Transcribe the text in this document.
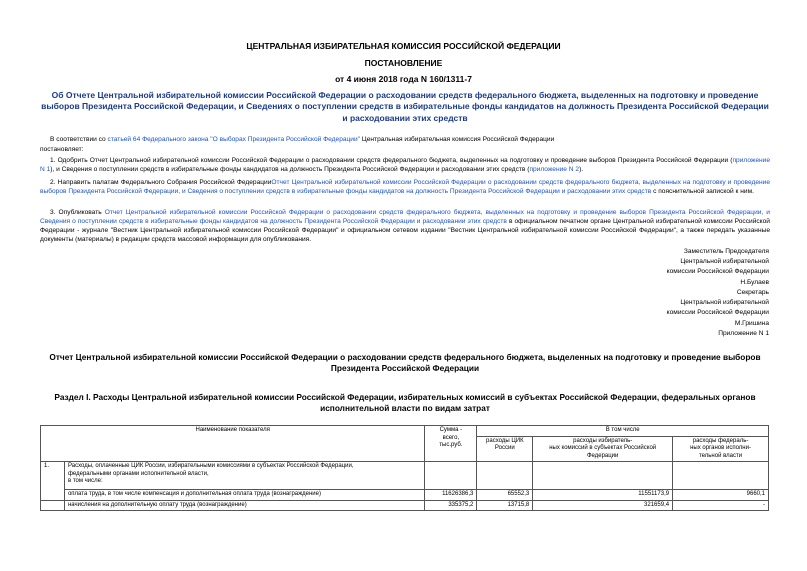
ЦЕНТРАЛЬНАЯ ИЗБИРАТЕЛЬНАЯ КОМИССИЯ РОССИЙСКОЙ ФЕДЕРАЦИИ
ПОСТАНОВЛЕНИЕ
от 4 июня 2018 года N 160/1311-7
Об Отчете Центральной избирательной комиссии Российской Федерации о расходовании средств федерального бюджета, выделенных на подготовку и проведение выборов Президента Российской Федерации, и Сведениях о поступлении средств в избирательные фонды кандидатов на должность Президента Российской Федерации и расходовании этих средств
В соответствии со статьей 64 Федерального закона "О выборах Президента Российской Федерации" Центральная избирательная комиссия Российской Федерации
постановляет:
1. Одобрить Отчет Центральной избирательной комиссии Российской Федерации о расходовании средств федерального бюджета, выделенных на подготовку и проведение выборов Президента Российской Федерации (приложение N 1), и Сведения о поступлении средств в избирательные фонды кандидатов на должность Президента Российской Федерации и расходовании этих средств (приложение N 2).
2. Направить палатам Федерального Собрания Российской ФедерацииОтчет Центральной избирательной комиссии Российской Федерации о расходовании средств федерального бюджета, выделенных на подготовку и проведение выборов Президента Российской Федерации, и Сведения о поступлении средств в избирательные фонды кандидатов на должность Президента Российской Федерации и расходовании этих средств с пояснительной запиской к ним.
3. Опубликовать Отчет Центральной избирательной комиссии Российской Федерации о расходовании средств федерального бюджета, выделенных на подготовку и проведение выборов Президента Российской Федерации, и Сведения о поступлении средств в избирательные фонды кандидатов на должность Президента Российской Федерации и расходовании этих средств в официальном печатном органе Центральной избирательной комиссии Российской Федерации - журнале "Вестник Центральной избирательной комиссии Российской Федерации" и официальном сетевом издании "Вестник Центральной избирательной комиссии Российской Федерации", а также передать указанные документы (материалы) в редакции средств массовой информации для опубликования.
Заместитель Председателя
Центральной избирательной
комиссии Российской Федерации
Н.Булаев
Секретарь
Центральной избирательной
комиссии Российской Федерации
М.Гришина
Приложение N 1
Отчет Центральной избирательной комиссии Российской Федерации о расходовании средств федерального бюджета, выделенных на подготовку и проведение выборов Президента Российской Федерации
Раздел I. Расходы Центральной избирательной комиссии Российской Федерации, избирательных комиссий в субъектах Российской Федерации, федеральных органов исполнительной власти по видам затрат
Наименование показателя		Сумма -
всего,
тыс.руб.	В том числе		
			расходы ЦИК России	расходы избиратель-
ных комиссий в субъектах Российской
Федерации	расходы федераль-
ных органов исполни-
тельной власти
1.	Расходы, оплаченные ЦИК России, избирательными комиссиями в субъектах Российской Федерации,
федеральными органами исполнительной власти,
в том числе:				
	оплата труда, в том числе компенсация и дополнительная оплата труда (вознаграждение)	11626386,3	65552,3	11551173,9	9660,1
	начисления на дополнительную оплату труда (вознаграждение)	335375,2	13715,8	321659,4	-
